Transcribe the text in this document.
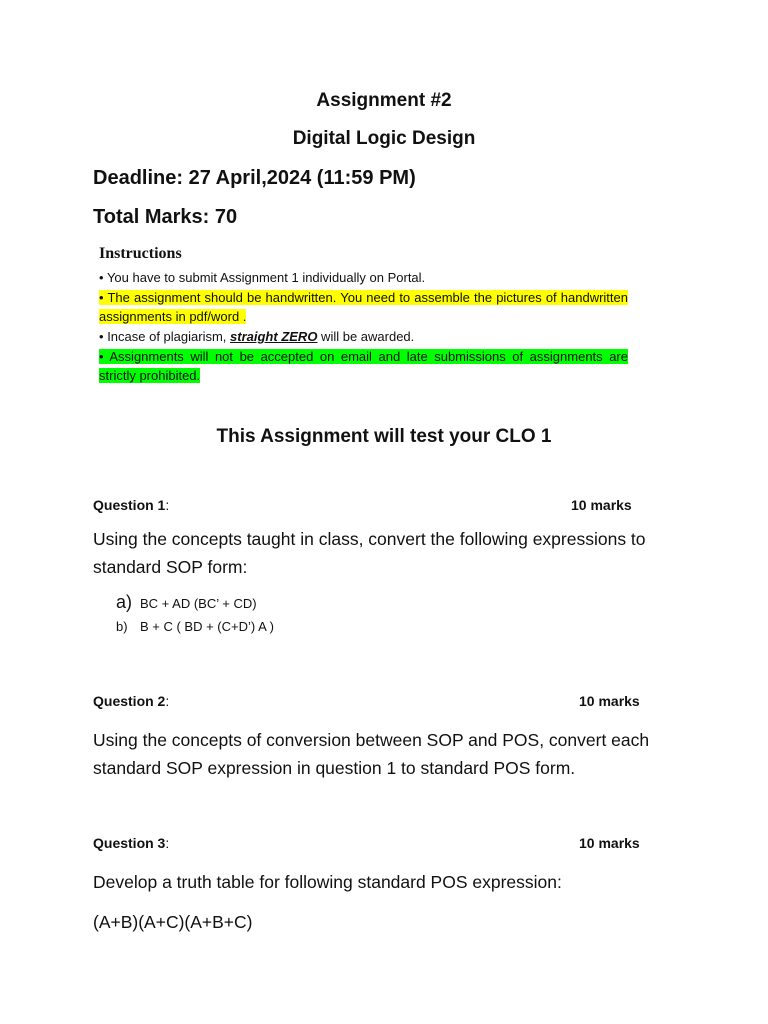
Assignment #2
Digital Logic Design
Deadline: 27 April,2024 (11:59 PM)
Total Marks: 70
Instructions
• You have to submit Assignment 1 individually on Portal.
• The assignment should be handwritten. You need to assemble the pictures of handwritten assignments in pdf/word .
• Incase of plagiarism, straight ZERO will be awarded.
• Assignments will not be accepted on email and late submissions of assignments are strictly prohibited.
This Assignment will test your CLO 1
Question 1:	10 marks
Using the concepts taught in class, convert the following expressions to standard SOP form:
a) BC + AD (BC’ + CD)
b) B + C ( BD + (C+D’) A )
Question 2:	10 marks
Using the concepts of conversion between SOP and POS, convert each standard SOP expression in question 1 to standard POS form.
Question 3:	10 marks
Develop a truth table for following standard POS expression:
(A+B)(A+C)(A+B+C)
